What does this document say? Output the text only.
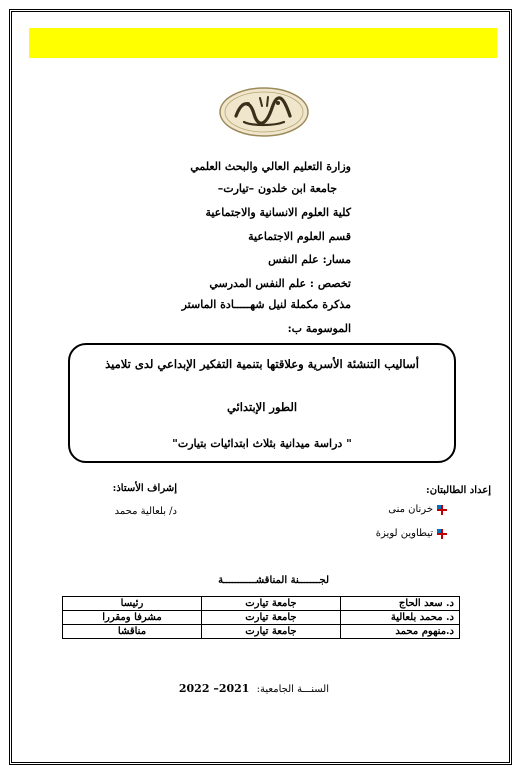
وزارة التعليم العالي والبحث العلمي
جامعة ابن خلدون –تيارت–
كلية العلوم الانسانية والاجتماعية
قسم العلوم الاجتماعية
مسار: علم النفس
تخصص : علم النفس المدرسي
مذكرة مكملة لنيل شهـــــادة الماستر
الموسومة ب:
أساليب التنشئة الأسرية وعلاقتها بتنمية التفكير الإبداعي لدى تلاميذ
الطور الإبتدائي
" دراسة ميدانية بثلاث ابتدائيات بتيارت"
إعداد الطالبتان:
خرنان منى
تيطاوين لويزة
إشراف الأستاذ:
د/ بلعالية محمد
لجـــــــنة المناقشـــــــــــة
د. سعد الحاج	جامعة تيارت	رئيسا
د. محمد بلعالية	جامعة تيارت	مشرفا ومقررا
د.منهوم محمد	جامعة تيارت	مناقشا
السنـــة الجامعية: 2021– 2022
